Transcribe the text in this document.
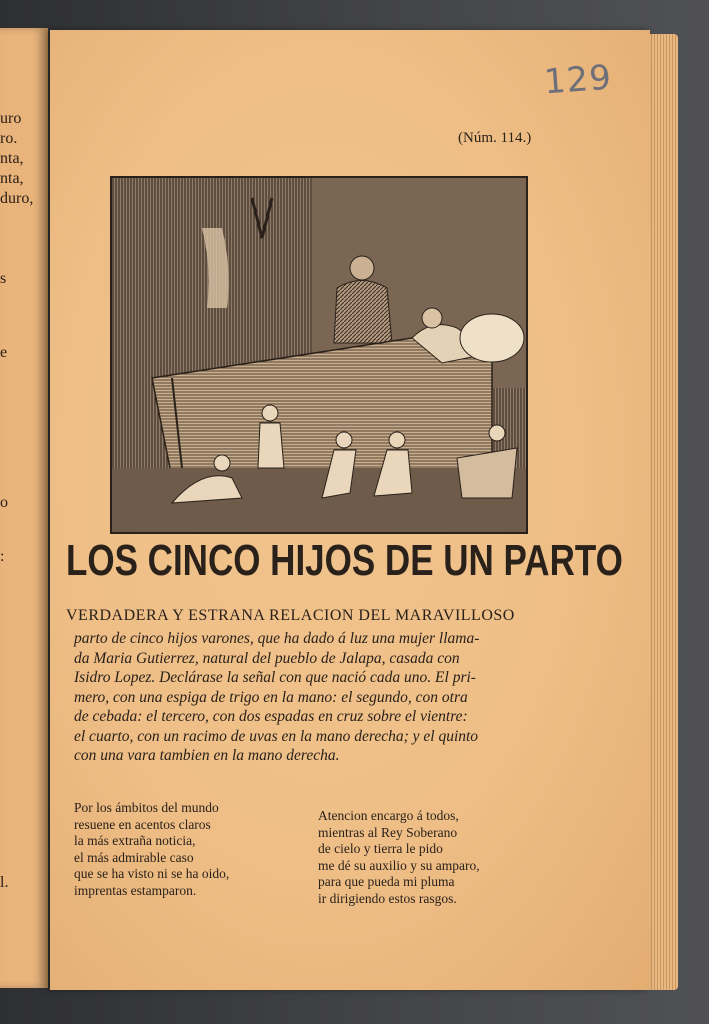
uro
ro.
nta,
nta,
duro,
s
e
o
:
l.
129
(Núm. 114.)
LOS CINCO HIJOS DE UN PARTO
VERDADERA Y ESTRANA RELACION DEL MARAVILLOSO
parto de cinco hijos varones, que ha dado á luz una mujer llama-
da Maria Gutierrez, natural del pueblo de Jalapa, casada con
Isidro Lopez. Declárase la señal con que nació cada uno. El pri-
mero, con una espiga de trigo en la mano: el segundo, con otra
de cebada: el tercero, con dos espadas en cruz sobre el vientre:
el cuarto, con un racimo de uvas en la mano derecha; y el quinto
con una vara tambien en la mano derecha.
Por los ámbitos del mundo
resuene en acentos claros
la más extraña noticia,
el más admirable caso
que se ha visto ni se ha oido,
imprentas estamparon.
Atencion encargo á todos,
mientras al Rey Soberano
de cielo y tierra le pido
me dé su auxilio y su amparo,
para que pueda mi pluma
ir dirigiendo estos rasgos.
